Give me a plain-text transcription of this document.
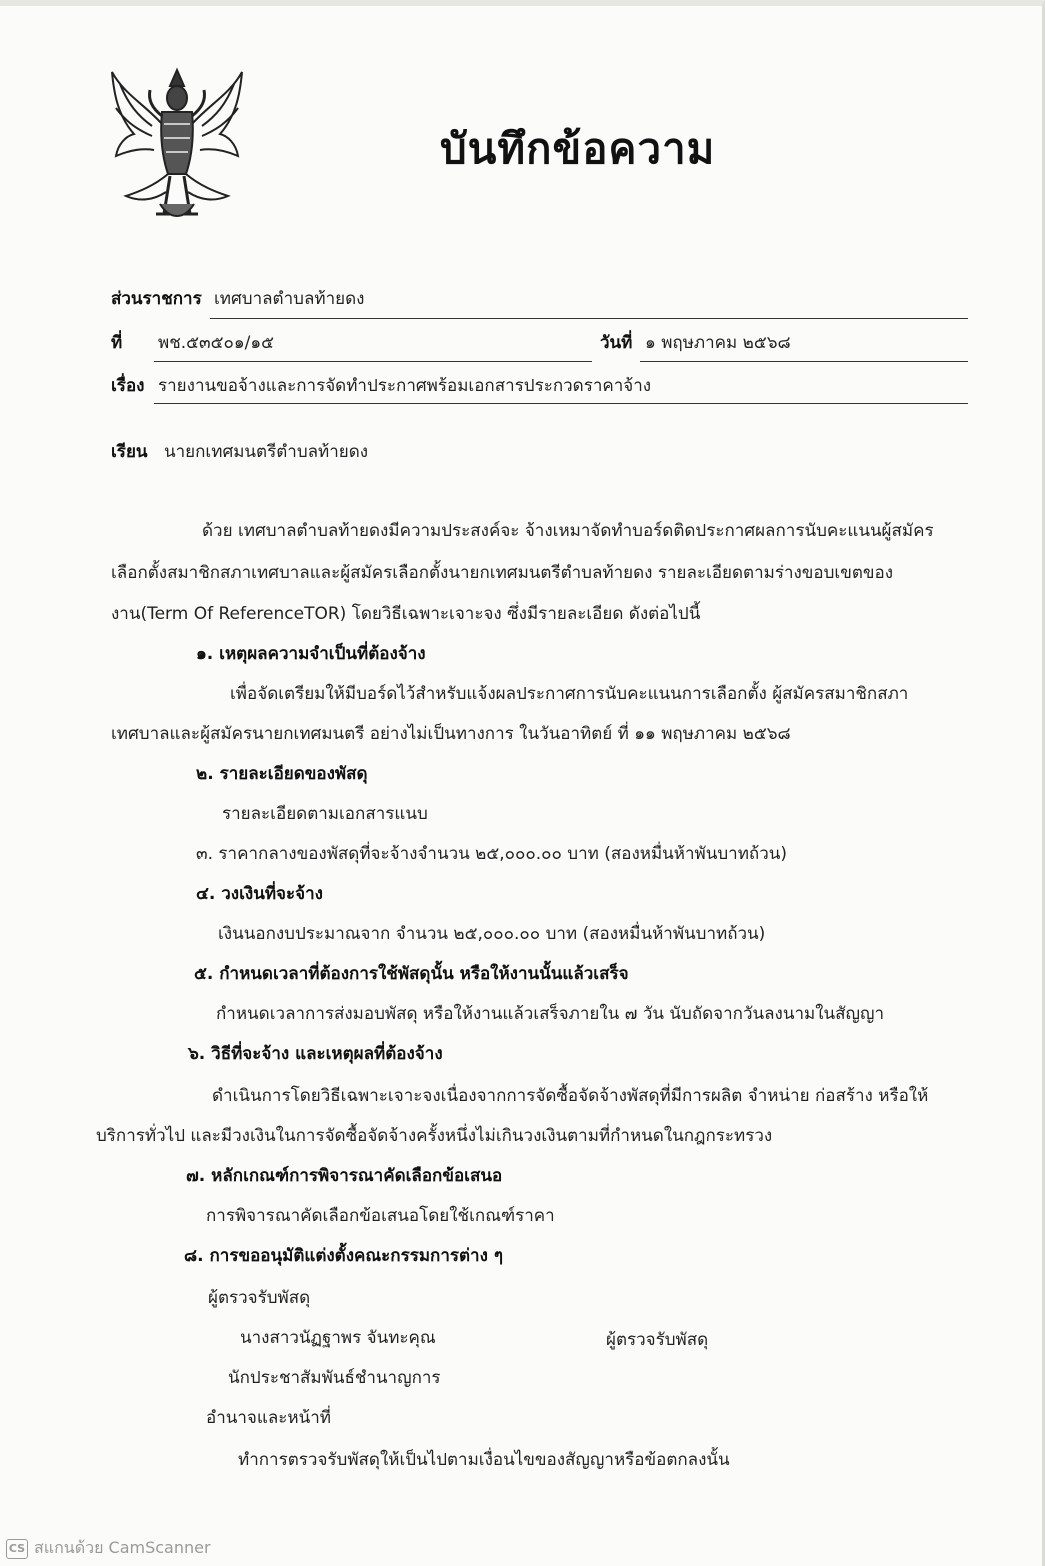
บันทึกข้อความ
ส่วนราชการ เทศบาลตำบลท้ายดง
ที่ พช.๕๓๕๐๑/๑๕	วันที่ ๑ พฤษภาคม ๒๕๖๘
เรื่อง รายงานขอจ้างและการจัดทำประกาศพร้อมเอกสารประกวดราคาจ้าง
เรียน นายกเทศมนตรีตำบลท้ายดง
ด้วย เทศบาลตำบลท้ายดงมีความประสงค์จะ จ้างเหมาจัดทำบอร์ดติดประกาศผลการนับคะแนนผู้สมัคร
เลือกตั้งสมาชิกสภาเทศบาลและผู้สมัครเลือกตั้งนายกเทศมนตรีตำบลท้ายดง รายละเอียดตามร่างขอบเขตของ
งาน(Term Of ReferenceTOR) โดยวิธีเฉพาะเจาะจง ซึ่งมีรายละเอียด ดังต่อไปนี้
๑. เหตุผลความจำเป็นที่ต้องจ้าง
เพื่อจัดเตรียมให้มีบอร์ดไว้สำหรับแจ้งผลประกาศการนับคะแนนการเลือกตั้ง ผู้สมัครสมาชิกสภา
เทศบาลและผู้สมัครนายกเทศมนตรี อย่างไม่เป็นทางการ ในวันอาทิตย์ ที่ ๑๑ พฤษภาคม ๒๕๖๘
๒. รายละเอียดของพัสดุ
รายละเอียดตามเอกสารแนบ
๓. ราคากลางของพัสดุที่จะจ้างจำนวน ๒๕,๐๐๐.๐๐ บาท (สองหมื่นห้าพันบาทถ้วน)
๔. วงเงินที่จะจ้าง
เงินนอกงบประมาณจาก จำนวน ๒๕,๐๐๐.๐๐ บาท (สองหมื่นห้าพันบาทถ้วน)
๕. กำหนดเวลาที่ต้องการใช้พัสดุนั้น หรือให้งานนั้นแล้วเสร็จ
กำหนดเวลาการส่งมอบพัสดุ หรือให้งานแล้วเสร็จภายใน ๗ วัน นับถัดจากวันลงนามในสัญญา
๖. วิธีที่จะจ้าง และเหตุผลที่ต้องจ้าง
ดำเนินการโดยวิธีเฉพาะเจาะจงเนื่องจากการจัดซื้อจัดจ้างพัสดุที่มีการผลิต จำหน่าย ก่อสร้าง หรือให้
บริการทั่วไป และมีวงเงินในการจัดซื้อจัดจ้างครั้งหนึ่งไม่เกินวงเงินตามที่กำหนดในกฎกระทรวง
๗. หลักเกณฑ์การพิจารณาคัดเลือกข้อเสนอ
การพิจารณาคัดเลือกข้อเสนอโดยใช้เกณฑ์ราคา
๘. การขออนุมัติแต่งตั้งคณะกรรมการต่าง ๆ
ผู้ตรวจรับพัสดุ
นางสาวนัฏฐาพร จันทะคุณ	ผู้ตรวจรับพัสดุ
นักประชาสัมพันธ์ชำนาญการ
อำนาจและหน้าที่
ทำการตรวจรับพัสดุให้เป็นไปตามเงื่อนไขของสัญญาหรือข้อตกลงนั้น
CS สแกนด้วย CamScanner
